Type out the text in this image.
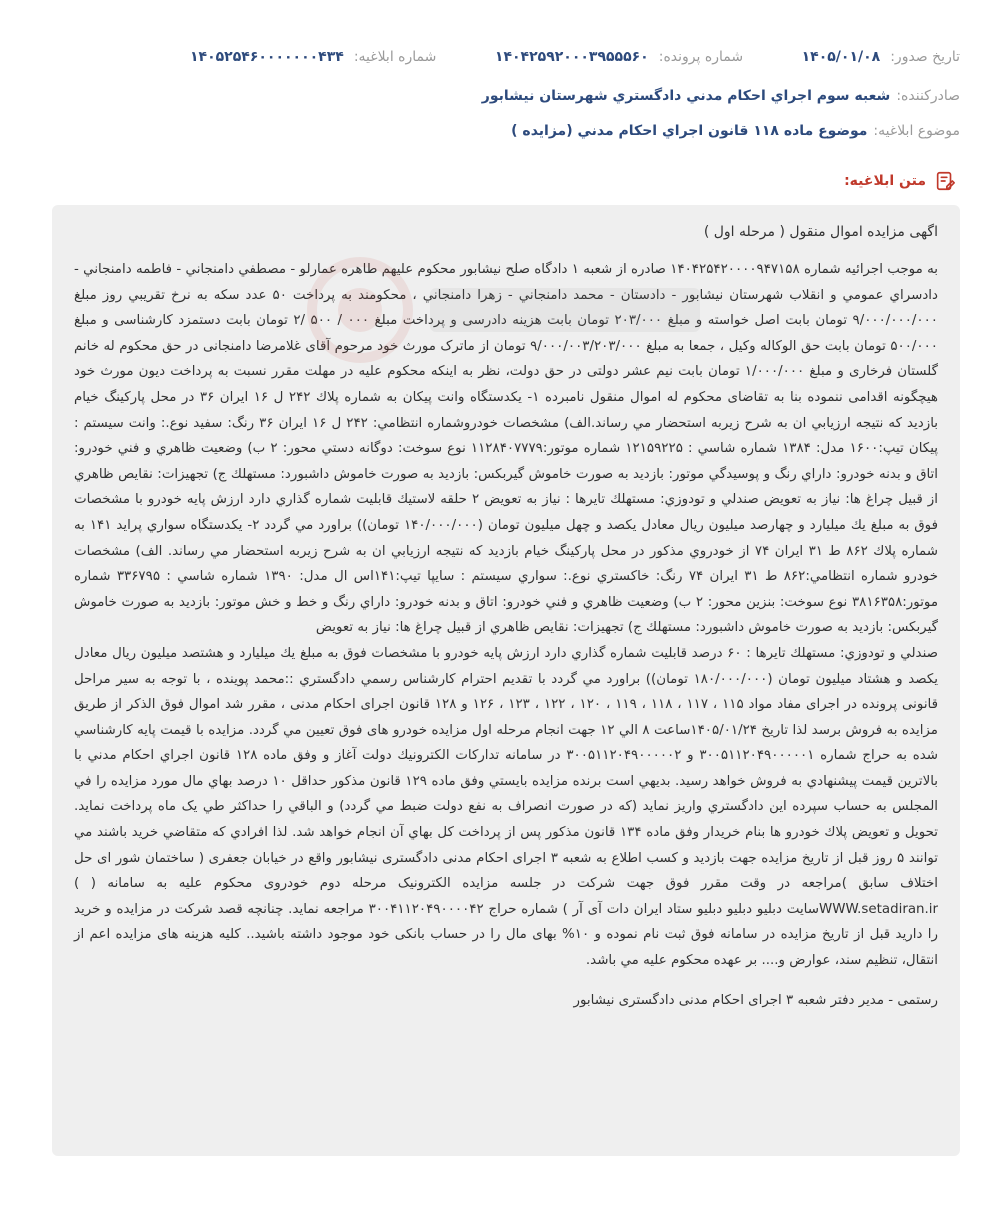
شماره ابلاغیه:
۱۴۰۵۲۵۴۶۰۰۰۰۰۰۰۴۳۴	شماره پرونده:
۱۴۰۴۲۵۹۲۰۰۰۳۹۵۵۵۶۰	تاریخ صدور:
۱۴۰۵/۰۱/۰۸
صادرکننده:
شعبه سوم اجراي احكام مدني دادگستري شهرستان نيشابور
موضوع ابلاغیه:
موضوع ماده ۱۱۸ قانون اجراي احكام مدني (مزايده )
متن ابلاغیه:
اگهی مزایده اموال منقول ( مرحله اول )

به موجب اجرائيه شماره ۱۴۰۴۲۵۴۲۰۰۰۰۹۴۷۱۵۸ صادره از شعبه ۱ دادگاه صلح نيشابور محكوم عليهم طاهره عمارلو - مصطفي دامنجاني - فاطمه دامنجاني - دادسراي عمومي و انقلاب شهرستان نيشابور - دادستان - محمد دامنجاني - زهرا دامنجاني ، محكومند به پرداخت ۵۰ عدد سكه به نرخ تقريبي روز مبلغ ۹/۰۰۰/۰۰۰/۰۰۰ تومان بابت اصل خواسته و مبلغ ۲۰۳/۰۰۰ تومان بابت هزينه دادرسی و پرداخت مبلغ ۰۰۰ / ۵۰۰ /۲ تومان بابت دستمزد كارشناسی و مبلغ ۵۰۰/۰۰۰ تومان بابت حق الوكاله وكيل ، جمعا به مبلغ ۹/۰۰۰/۰۰۳/۲۰۳/۰۰۰ تومان از ماترک مورث خود مرحوم آقای غلامرضا دامنجانی در حق محكوم له خانم گلستان فرخاری و مبلغ ۱/۰۰۰/۰۰۰ تومان بابت نيم عشر دولتی در حق دولت، نظر به اينكه محكوم عليه در مهلت مقرر نسبت به پرداخت ديون مورث خود هيچگونه اقدامی ننموده بنا به تقاضای محكوم له اموال منقول نامبرده ۱- يكدستگاه وانت پيكان به شماره پلاك ۲۴۲ ل ۱۶ ايران ۳۶ در محل پاركينگ خيام بازديد كه نتيجه ارزيابي ان به شرح زيربه استحضار مي رساند.الف) مشخصات خودروشماره انتظامي: ۲۴۲ ل ۱۶ ايران ۳۶ رنگ: سفيد نوع.: وانت سيستم : پيكان تيپ:۱۶۰۰ مدل: ۱۳۸۴ شماره شاسي : ۱۲۱۵۹۲۲۵ شماره موتور:۱۱۲۸۴۰۷۷۷۹ نوع سوخت: دوگانه دستي محور: ۲ ب) وضعيت ظاهري و فني خودرو: اتاق و بدنه خودرو: داراي رنگ و پوسيدگي موتور: بازديد به صورت خاموش گيربكس: بازديد به صورت خاموش داشبورد: مستهلك ج) تجهيزات: نقايص ظاهري از قبيل چراغ ها: نياز به تعويض صندلي و تودوزي: مستهلك تايرها : نياز به تعويض ۲ حلقه لاستيك قابليت شماره گذاري دارد ارزش پايه خودرو با مشخصات فوق به مبلغ يك ميليارد و چهارصد ميليون ريال معادل يكصد و چهل ميليون تومان (۱۴۰/۰۰۰/۰۰۰ تومان)) براورد مي گردد ۲- يكدستگاه سواري پرايد ۱۴۱ به شماره پلاك ۸۶۲ ط ۳۱ ايران ۷۴ از خودروي مذكور در محل پاركينگ خيام بازديد كه نتيجه ارزيابي ان به شرح زيربه استحضار مي رساند. الف) مشخصات خودرو شماره انتظامي:۸۶۲ ط ۳۱ ايران ۷۴ رنگ: خاكستري نوع.: سواري سيستم : سايپا تيپ:۱۴۱اس ال مدل: ۱۳۹۰ شماره شاسي : ۳۳۶۷۹۵ شماره موتور:۳۸۱۶۳۵۸ نوع سوخت: بنزين محور: ۲ ب) وضعيت ظاهري و فني خودرو: اتاق و بدنه خودرو: داراي رنگ و خط و خش موتور: بازديد به صورت خاموش گيربكس: بازديد به صورت خاموش داشبورد: مستهلك ج) تجهيزات: نقايص ظاهري از قبيل چراغ ها: نياز به تعويض
صندلي و تودوزي: مستهلك تايرها : ۶۰ درصد قابليت شماره گذاري دارد ارزش پايه خودرو با مشخصات فوق به مبلغ يك ميليارد و هشتصد ميليون ريال معادل يكصد و هشتاد ميليون تومان (۱۸۰/۰۰۰/۰۰۰ تومان)) براورد مي گردد با تقديم احترام كارشناس رسمي دادگستري ::محمد پوينده ، با توجه به سير مراحل قانونی پرونده در اجرای مفاد مواد ۱۱۵ ، ۱۱۷ ، ۱۱۸ ، ۱۱۹ ، ۱۲۰ ، ۱۲۲ ، ۱۲۳ ، ۱۲۶ و ۱۲۸ قانون اجرای احکام مدنی ، مقرر شد اموال فوق الذکر از طريق مزايده به فروش برسد لذا تاريخ ۱۴۰۵/۰۱/۲۴ساعت ۸ الي ۱۲ جهت انجام مرحله اول مزايده خودرو های فوق تعيين مي گردد. مزايده با قيمت پايه كارشناسي شده به حراج شماره ۳۰۰۵۱۱۲۰۴۹۰۰۰۰۰۱ و ۳۰۰۵۱۱۲۰۴۹۰۰۰۰۰۲ در سامانه تداركات الكترونيك دولت آغاز و وفق ماده ۱۲۸ قانون اجراي احكام مدني با بالاترين قيمت پيشنهادي به فروش خواهد رسيد. بديهي است برنده مزايده بايستي وفق ماده ۱۲۹ قانون مذكور حداقل ۱۰ درصد بهاي مال مورد مزايده را في المجلس به حساب سپرده اين دادگستري واريز نمايد (كه در صورت انصراف به نفع دولت ضبط مي گردد) و الباقي را حداكثر طي يک ماه پرداخت نمايد. تحويل و تعويض پلاك خودرو ها بنام خريدار وفق ماده ۱۳۴ قانون مذكور پس از پرداخت كل بهاي آن انجام خواهد شد. لذا افرادي كه متقاضي خريد باشند مي توانند ۵ روز قبل از تاريخ مزايده جهت بازديد و كسب اطلاع به شعبه ۳ اجرای احکام مدنی دادگستری نيشابور واقع در خيابان جعفری ( ساختمان شور ای حل اختلاف سابق )مراجعه در وقت مقرر فوق جهت شركت در جلسه مزايده الكترونيک مرحله دوم خودروی محكوم عليه به سامانه ( ) WWW.setadiran.irسايت دبليو دبليو دبليو ستاد ايران دات آی آر ) شماره حراج ۳۰۰۴۱۱۲۰۴۹۰۰۰۰۴۲ مراجعه نمايد. چنانچه قصد شركت در مزايده و خريد را داريد قبل از تاريخ مزايده در سامانه فوق ثبت نام نموده و ۱۰% بهای مال را در حساب بانكی خود موجود داشته باشيد.. كليه هزينه های مزايده اعم از انتقال، تنظيم سند، عوارض و.... بر عهده محکوم عليه مي باشد.

رستمی - مدير دفتر شعبه ۳ اجرای احكام مدنی دادگستری نيشابور
